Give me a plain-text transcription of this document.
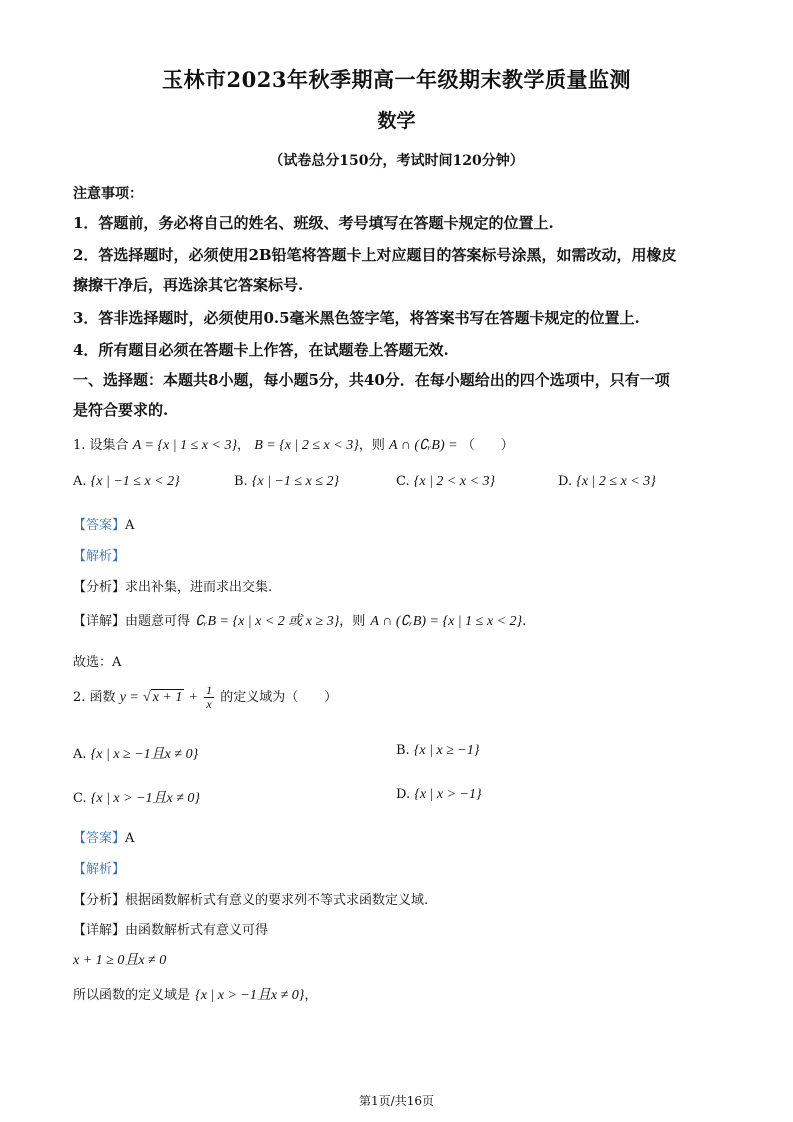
玉林市2023年秋季期高一年级期末教学质量监测
数学
（试卷总分150分，考试时间120分钟）
注意事项：
1．答题前，务必将自己的姓名、班级、考号填写在答题卡规定的位置上.
2．答选择题时，必须使用2B铅笔将答题卡上对应题目的答案标号涂黑，如需改动，用橡皮
擦擦干净后，再选涂其它答案标号.
3．答非选择题时，必须使用0.5毫米黑色签字笔，将答案书写在答题卡规定的位置上.
4．所有题目必须在答题卡上作答，在试题卷上答题无效.
一、选择题：本题共8小题，每小题5分，共40分．在每小题给出的四个选项中，只有一项
是符合要求的.
1. 设集合 A = {x | 1 ≤ x < 3}， B = {x | 2 ≤ x < 3}，则 A ∩ (∁ᵣB) = （　　）
A. {x | −1 ≤ x < 2}	B. {x | −1 ≤ x ≤ 2}	C. {x | 2 < x < 3}	D. {x | 2 ≤ x < 3}
【答案】A
【解析】
【分析】求出补集，进而求出交集.
【详解】由题意可得 ∁ᵣB = {x | x < 2 或 x ≥ 3}，则 A ∩ (∁ᵣB) = {x | 1 ≤ x < 2}.
故选：A
2. 函数 y = √ $x + 1 + \frac{1}{x}$ 的定义域为（　　）
A. {x | x ≥ −1且x ≠ 0}	B. {x | x ≥ −1}
C. {x | x > −1且x ≠ 0}	D. {x | x > −1}
【答案】A
【解析】
【分析】根据函数解析式有意义的要求列不等式求函数定义域.
【详解】由函数解析式有意义可得
x + 1 ≥ 0且x ≠ 0
所以函数的定义域是 {x | x > −1且x ≠ 0}，
第1页/共16页
